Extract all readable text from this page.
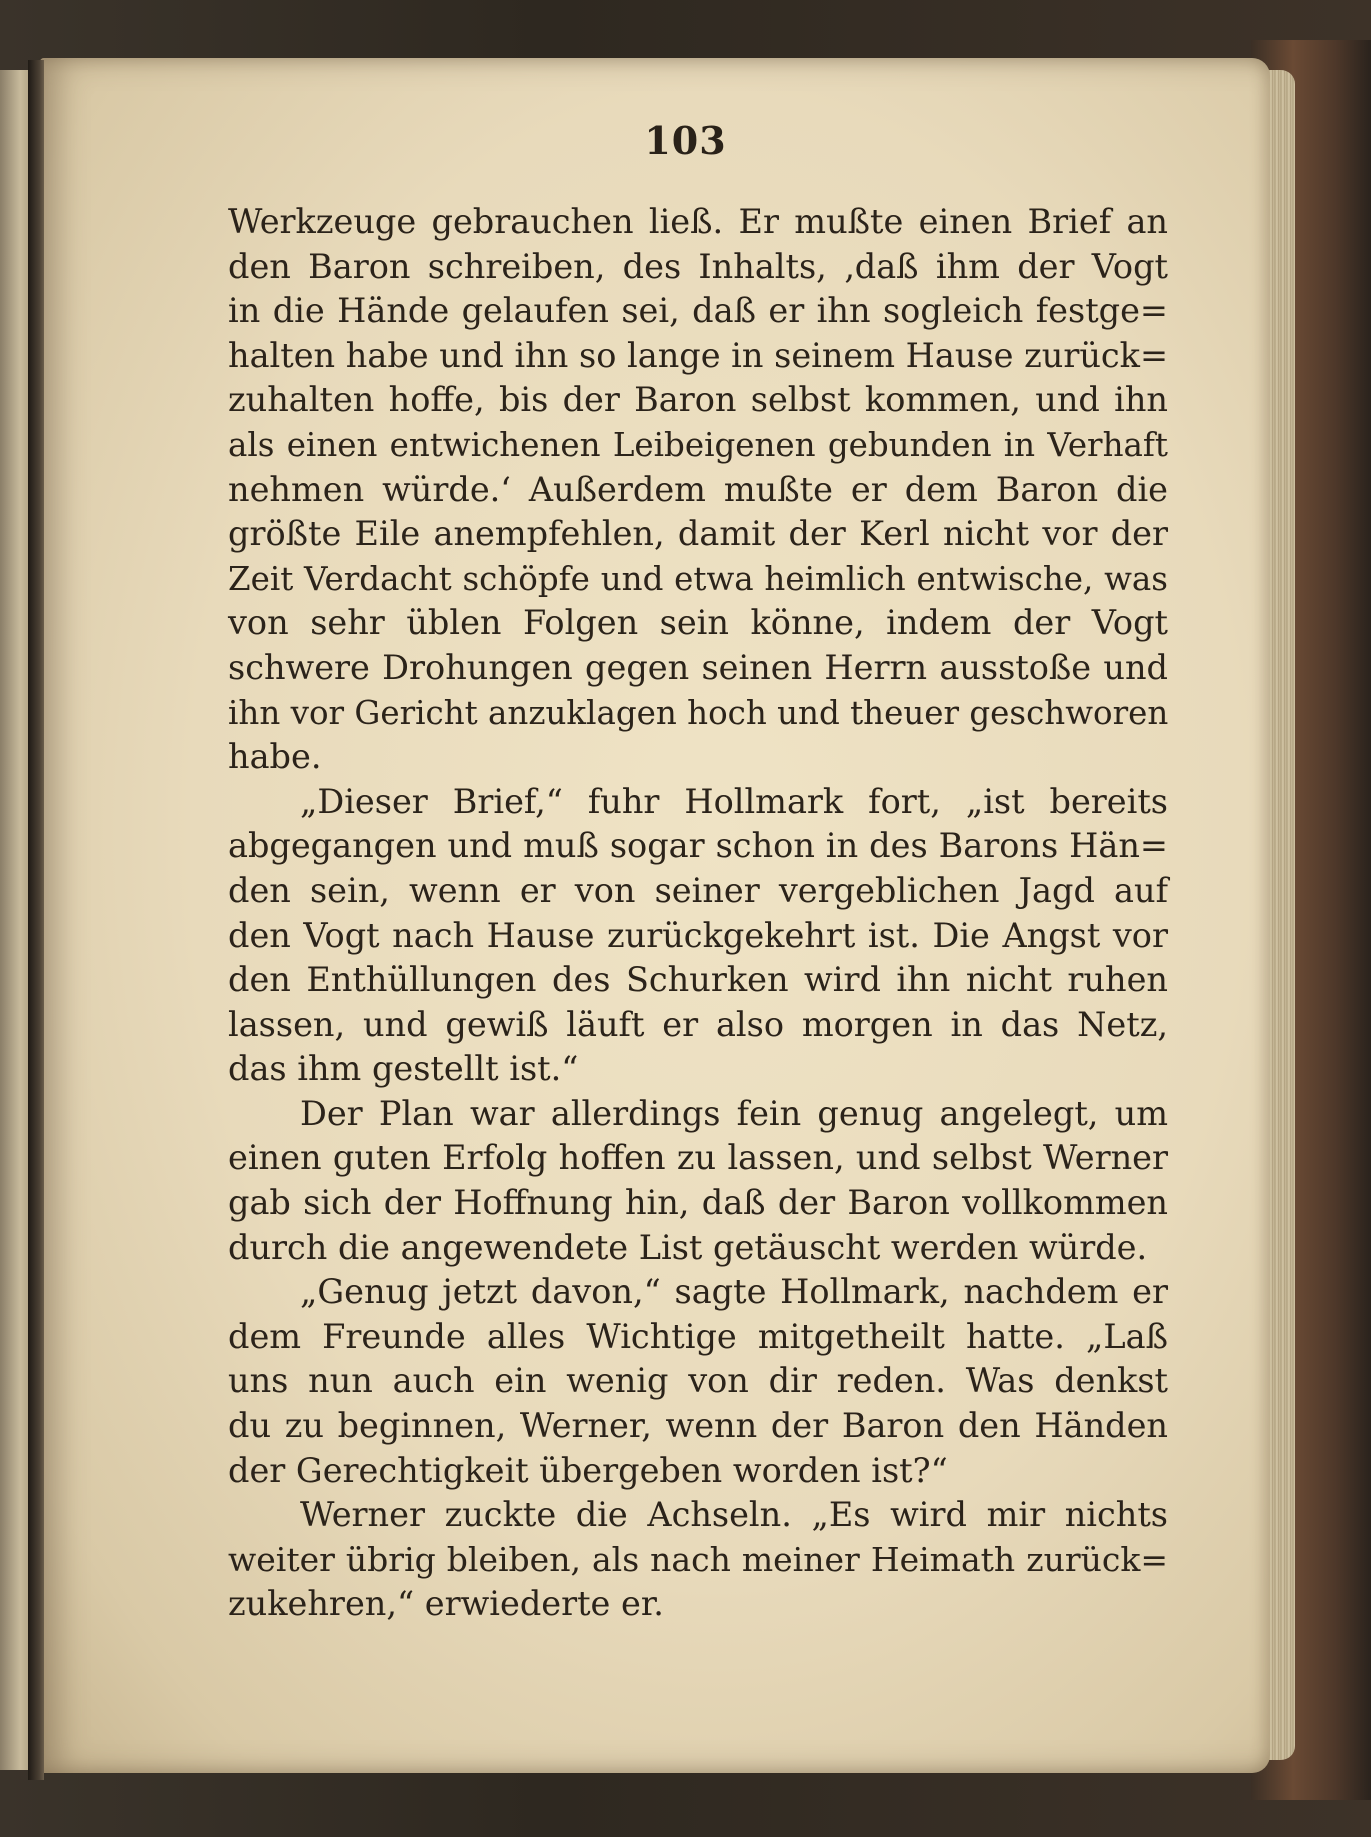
103
Werkzeuge gebrauchen ließ. Er mußte einen Brief an
den Baron schreiben, des Inhalts, ‚daß ihm der Vogt
in die Hände gelaufen sei, daß er ihn sogleich festge=
halten habe und ihn so lange in seinem Hause zurück=
zuhalten hoffe, bis der Baron selbst kommen, und ihn
als einen entwichenen Leibeigenen gebunden in Verhaft
nehmen würde.‘ Außerdem mußte er dem Baron die
größte Eile anempfehlen, damit der Kerl nicht vor der
Zeit Verdacht schöpfe und etwa heimlich entwische, was
von sehr üblen Folgen sein könne, indem der Vogt
schwere Drohungen gegen seinen Herrn ausstoße und
ihn vor Gericht anzuklagen hoch und theuer geschworen
habe.
„Dieser Brief,“ fuhr Hollmark fort, „ist bereits
abgegangen und muß sogar schon in des Barons Hän=
den sein, wenn er von seiner vergeblichen Jagd auf
den Vogt nach Hause zurückgekehrt ist. Die Angst vor
den Enthüllungen des Schurken wird ihn nicht ruhen
lassen, und gewiß läuft er also morgen in das Netz,
das ihm gestellt ist.“
Der Plan war allerdings fein genug angelegt, um
einen guten Erfolg hoffen zu lassen, und selbst Werner
gab sich der Hoffnung hin, daß der Baron vollkommen
durch die angewendete List getäuscht werden würde.
„Genug jetzt davon,“ sagte Hollmark, nachdem er
dem Freunde alles Wichtige mitgetheilt hatte. „Laß
uns nun auch ein wenig von dir reden. Was denkst
du zu beginnen, Werner, wenn der Baron den Händen
der Gerechtigkeit übergeben worden ist?“
Werner zuckte die Achseln. „Es wird mir nichts
weiter übrig bleiben, als nach meiner Heimath zurück=
zukehren,“ erwiederte er.
